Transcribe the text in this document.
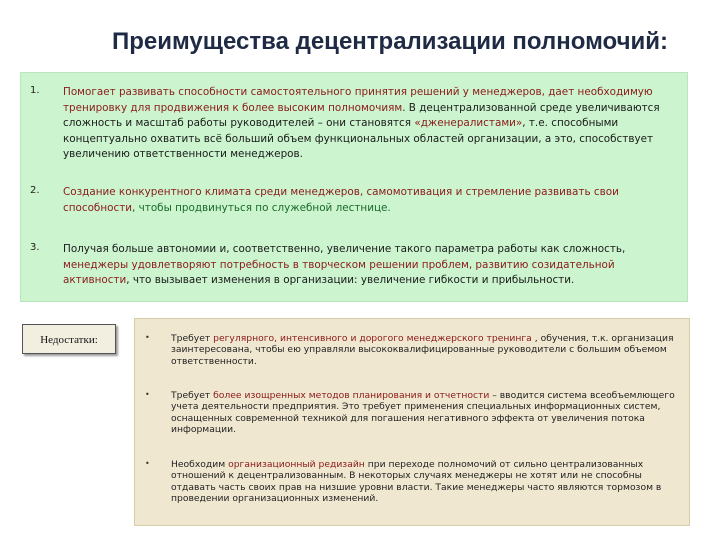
Преимущества децентрализации полномочий:
1. Помогает развивать способности самостоятельного принятия решений у менеджеров, дает необходимую тренировку для продвижения к более высоким полномочиям. В децентрализованной среде увеличиваются сложность и масштаб работы руководителей – они становятся «дженералистами», т.е. способными концептуально охватить всё больший объем функциональных областей организации, а это, способствует увеличению ответственности менеджеров.

2. Создание конкурентного климата среди менеджеров, самомотивация и стремление развивать свои способности, чтобы продвинуться по служебной лестнице.

3. Получая больше автономии и, соответственно, увеличение такого параметра работы как сложность, менеджеры удовлетворяют потребность в творческом решении проблем, развитию созидательной активности, что вызывает изменения в организации: увеличение гибкости и прибыльности.

Недостатки:	• Требует регулярного, интенсивного и дорогого менеджерского тренинга , обучения, т.к. организация заинтересована, чтобы ею управляли высококвалифицированные руководители с большим объемом ответственности.

• Требует более изощренных методов планирования и отчетности – вводится система всеобъемлющего учета деятельности предприятия. Это требует применения специальных информационных систем, оснащенных современной техникой для погашения негативного эффекта от увеличения потока информации.

• Необходим организационный редизайн при переходе полномочий от сильно централизованных отношений к децентрализованным. В некоторых случаях менеджеры не хотят или не способны отдавать часть своих прав на низшие уровни власти. Такие менеджеры часто являются тормозом в проведении организационных изменений.
